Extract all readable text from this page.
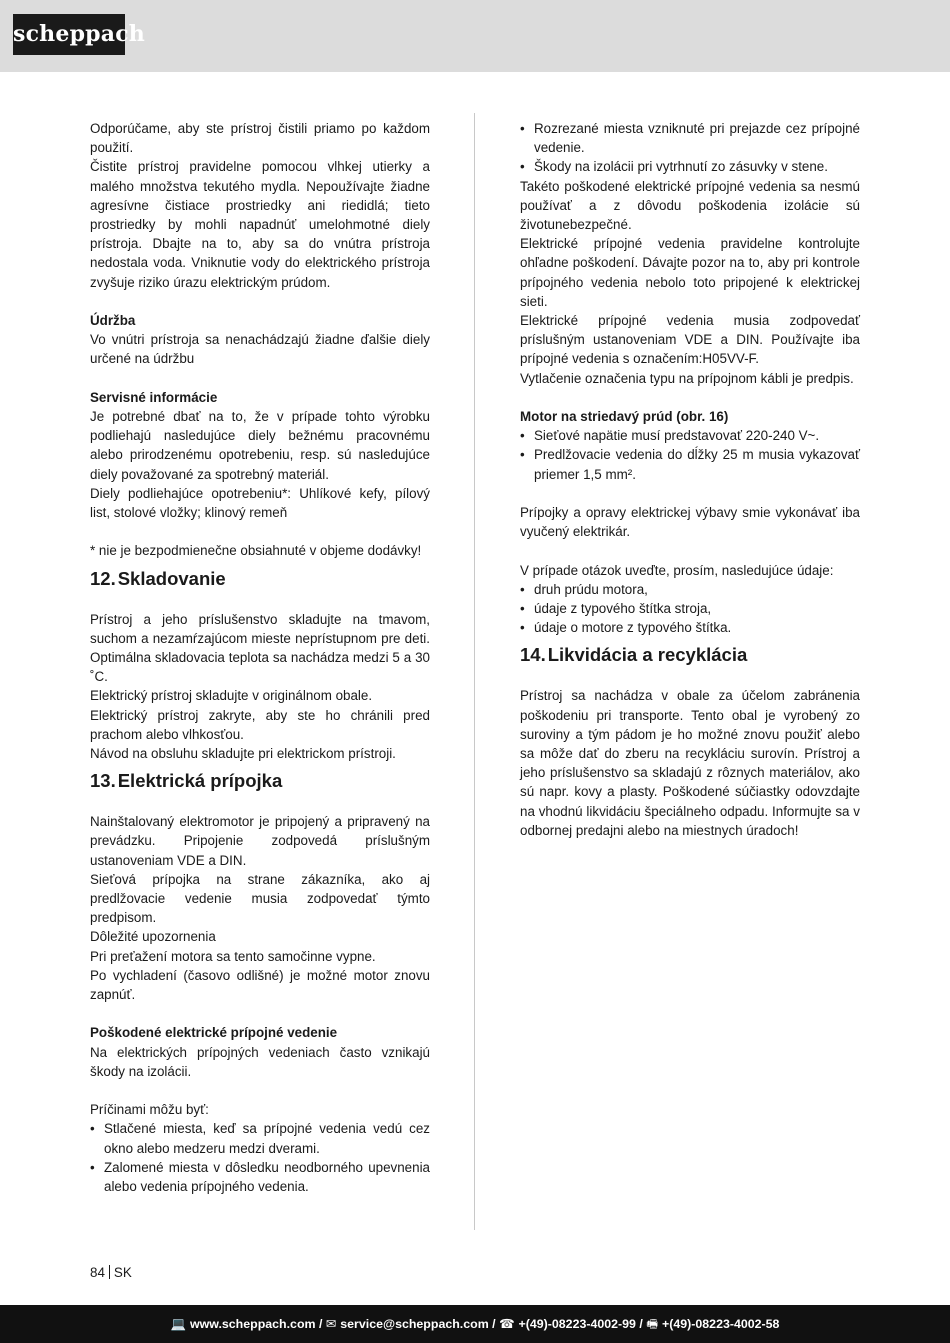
scheppach

Odporúčame, aby ste prístroj čistili priamo po každom použití.

Čistite prístroj pravidelne pomocou vlhkej utierky a malého množstva tekutého mydla. Nepoužívajte žiadne agresívne čistiace prostriedky ani riedidlá; tieto prostriedky by mohli napadnúť umelohmotné diely prístroja. Dbajte na to, aby sa do vnútra prístroja nedostala voda. Vniknutie vody do elektrického prístroja zvyšuje riziko úrazu elektrickým prúdom.

Údržba

Vo vnútri prístroja sa nenachádzajú žiadne ďalšie diely určené na údržbu

Servisné informácie

Je potrebné dbať na to, že v prípade tohto výrobku podliehajú nasledujúce diely bežnému pracovnému alebo prirodzenému opotrebeniu, resp. sú nasledujúce diely považované za spotrebný materiál.

Diely podliehajúce opotrebeniu*: Uhlíkové kefy, pílový list, stolové vložky; klinový remeň

* nie je bezpodmienečne obsiahnuté v objeme dodávky!

12. Skladovanie

Prístroj a jeho príslušenstvo skladujte na tmavom, suchom a nezamŕzajúcom mieste neprístupnom pre deti. Optimálna skladovacia teplota sa nachádza medzi 5 a 30 ˚C.

Elektrický prístroj skladujte v originálnom obale.

Elektrický prístroj zakryte, aby ste ho chránili pred prachom alebo vlhkosťou.

Návod na obsluhu skladujte pri elektrickom prístroji.

13. Elektrická prípojka

Nainštalovaný elektromotor je pripojený a pripravený na prevádzku. Pripojenie zodpovedá príslušným ustanoveniam VDE a DIN.

Sieťová prípojka na strane zákazníka, ako aj predlžovacie vedenie musia zodpovedať týmto predpisom.

Dôležité upozornenia

Pri preťažení motora sa tento samočinne vypne.

Po vychladení (časovo odlišné) je možné motor znovu zapnúť.

Poškodené elektrické prípojné vedenie

Na elektrických prípojných vedeniach často vznikajú škody na izolácii.

Príčinami môžu byť:

• Stlačené miesta, keď sa prípojné vedenia vedú cez okno alebo medzeru medzi dverami.

• Zalomené miesta v dôsledku neodborného upevnenia alebo vedenia prípojného vedenia.

• Rozrezané miesta vzniknuté pri prejazde cez prípojné vedenie.

• Škody na izolácii pri vytrhnutí zo zásuvky v stene.

Takéto poškodené elektrické prípojné vedenia sa nesmú používať a z dôvodu poškodenia izolácie sú životunebezpečné.

Elektrické prípojné vedenia pravidelne kontrolujte ohľadne poškodení. Dávajte pozor na to, aby pri kontrole prípojného vedenia nebolo toto pripojené k elektrickej sieti.

Elektrické prípojné vedenia musia zodpovedať príslušným ustanoveniam VDE a DIN. Používajte iba prípojné vedenia s označením:H05VV-F.

Vytlačenie označenia typu na prípojnom kábli je predpis.

Motor na striedavý prúd (obr. 16)

• Sieťové napätie musí predstavovať 220-240 V~.

• Predlžovacie vedenia do dĺžky 25 m musia vykazovať priemer 1,5 mm².

Prípojky a opravy elektrickej výbavy smie vykonávať iba vyučený elektrikár.

V prípade otázok uveďte, prosím, nasledujúce údaje:

• druh prúdu motora,

• údaje z typového štítka stroja,

• údaje o motore z typového štítka.

14. Likvidácia a recyklácia

Prístroj sa nachádza v obale za účelom zabránenia poškodeniu pri transporte. Tento obal je vyrobený zo suroviny a tým pádom je ho možné znovu použiť alebo sa môže dať do zberu na recykláciu surovín. Prístroj a jeho príslušenstvo sa skladajú z rôznych materiálov, ako sú napr. kovy a plasty. Poškodené súčiastky odovzdajte na vhodnú likvidáciu špeciálneho odpadu. Informujte sa v odbornej predajni alebo na miestnych úradoch!

84 SK
💻 www.scheppach.com / ✉ service@scheppach.com / ☎ +(49)-08223-4002-99 / 🖷 +(49)-08223-4002-58
